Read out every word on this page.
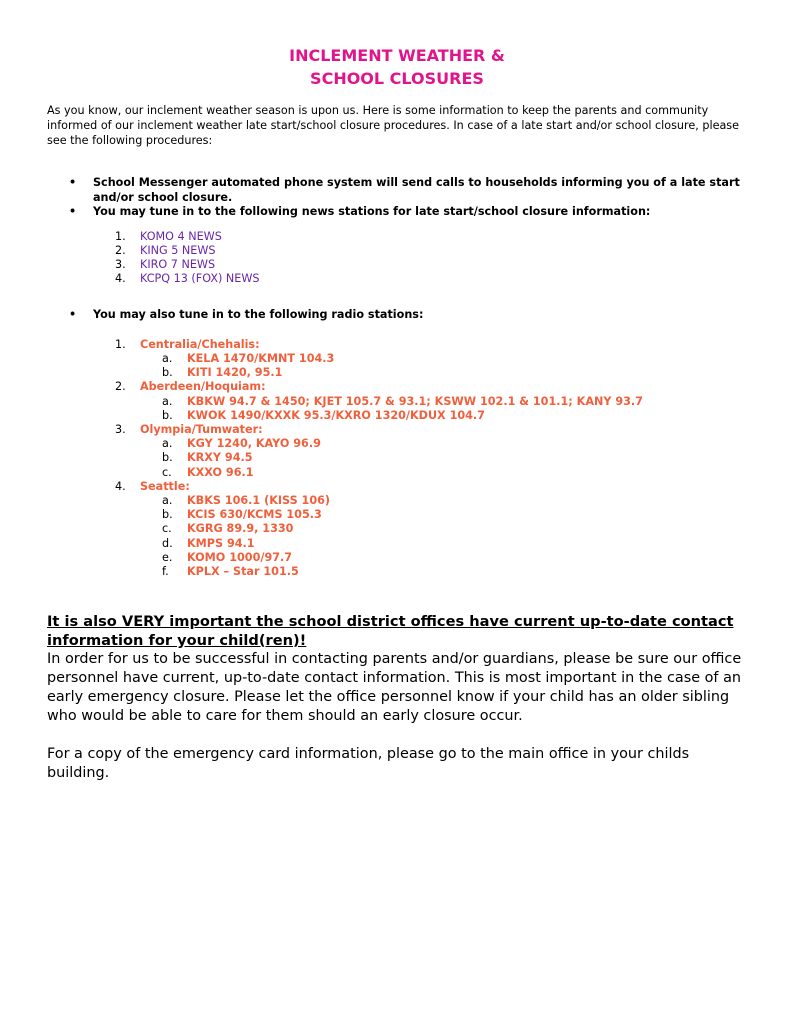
INCLEMENT WEATHER &
SCHOOL CLOSURES

As you know, our inclement weather season is upon us. Here is some information to keep the parents and community informed of our inclement weather late start/school closure procedures. In case of a late start and/or school closure, please see the following procedures:

• School Messenger automated phone system will send calls to households informing you of a late start and/or school closure.
• You may tune in to the following news stations for late start/school closure information:
1. KOMO 4 NEWS
2. KING 5 NEWS
3. KIRO 7 NEWS
4. KCPQ 13 (FOX) NEWS
• You may also tune in to the following radio stations:
1. Centralia/Chehalis:
a. KELA 1470/KMNT 104.3
b. KITI 1420, 95.1
2. Aberdeen/Hoquiam:
a. KBKW 94.7 & 1450; KJET 105.7 & 93.1; KSWW 102.1 & 101.1; KANY 93.7
b. KWOK 1490/KXXK 95.3/KXRO 1320/KDUX 104.7
3. Olympia/Tumwater:
a. KGY 1240, KAYO 96.9
b. KRXY 94.5
c. KXXO 96.1
4. Seattle:
a. KBKS 106.1 (KISS 106)
b. KCIS 630/KCMS 105.3
c. KGRG 89.9, 1330
d. KMPS 94.1
e. KOMO 1000/97.7
f. KPLX – Star 101.5
It is also VERY important the school district offices have current up-to-date contact information for your child(ren)!

In order for us to be successful in contacting parents and/or guardians, please be sure our office personnel have current, up-to-date contact information. This is most important in the case of an early emergency closure. Please let the office personnel know if your child has an older sibling who would be able to care for them should an early closure occur.

For a copy of the emergency card information, please go to the main office in your childs building.
